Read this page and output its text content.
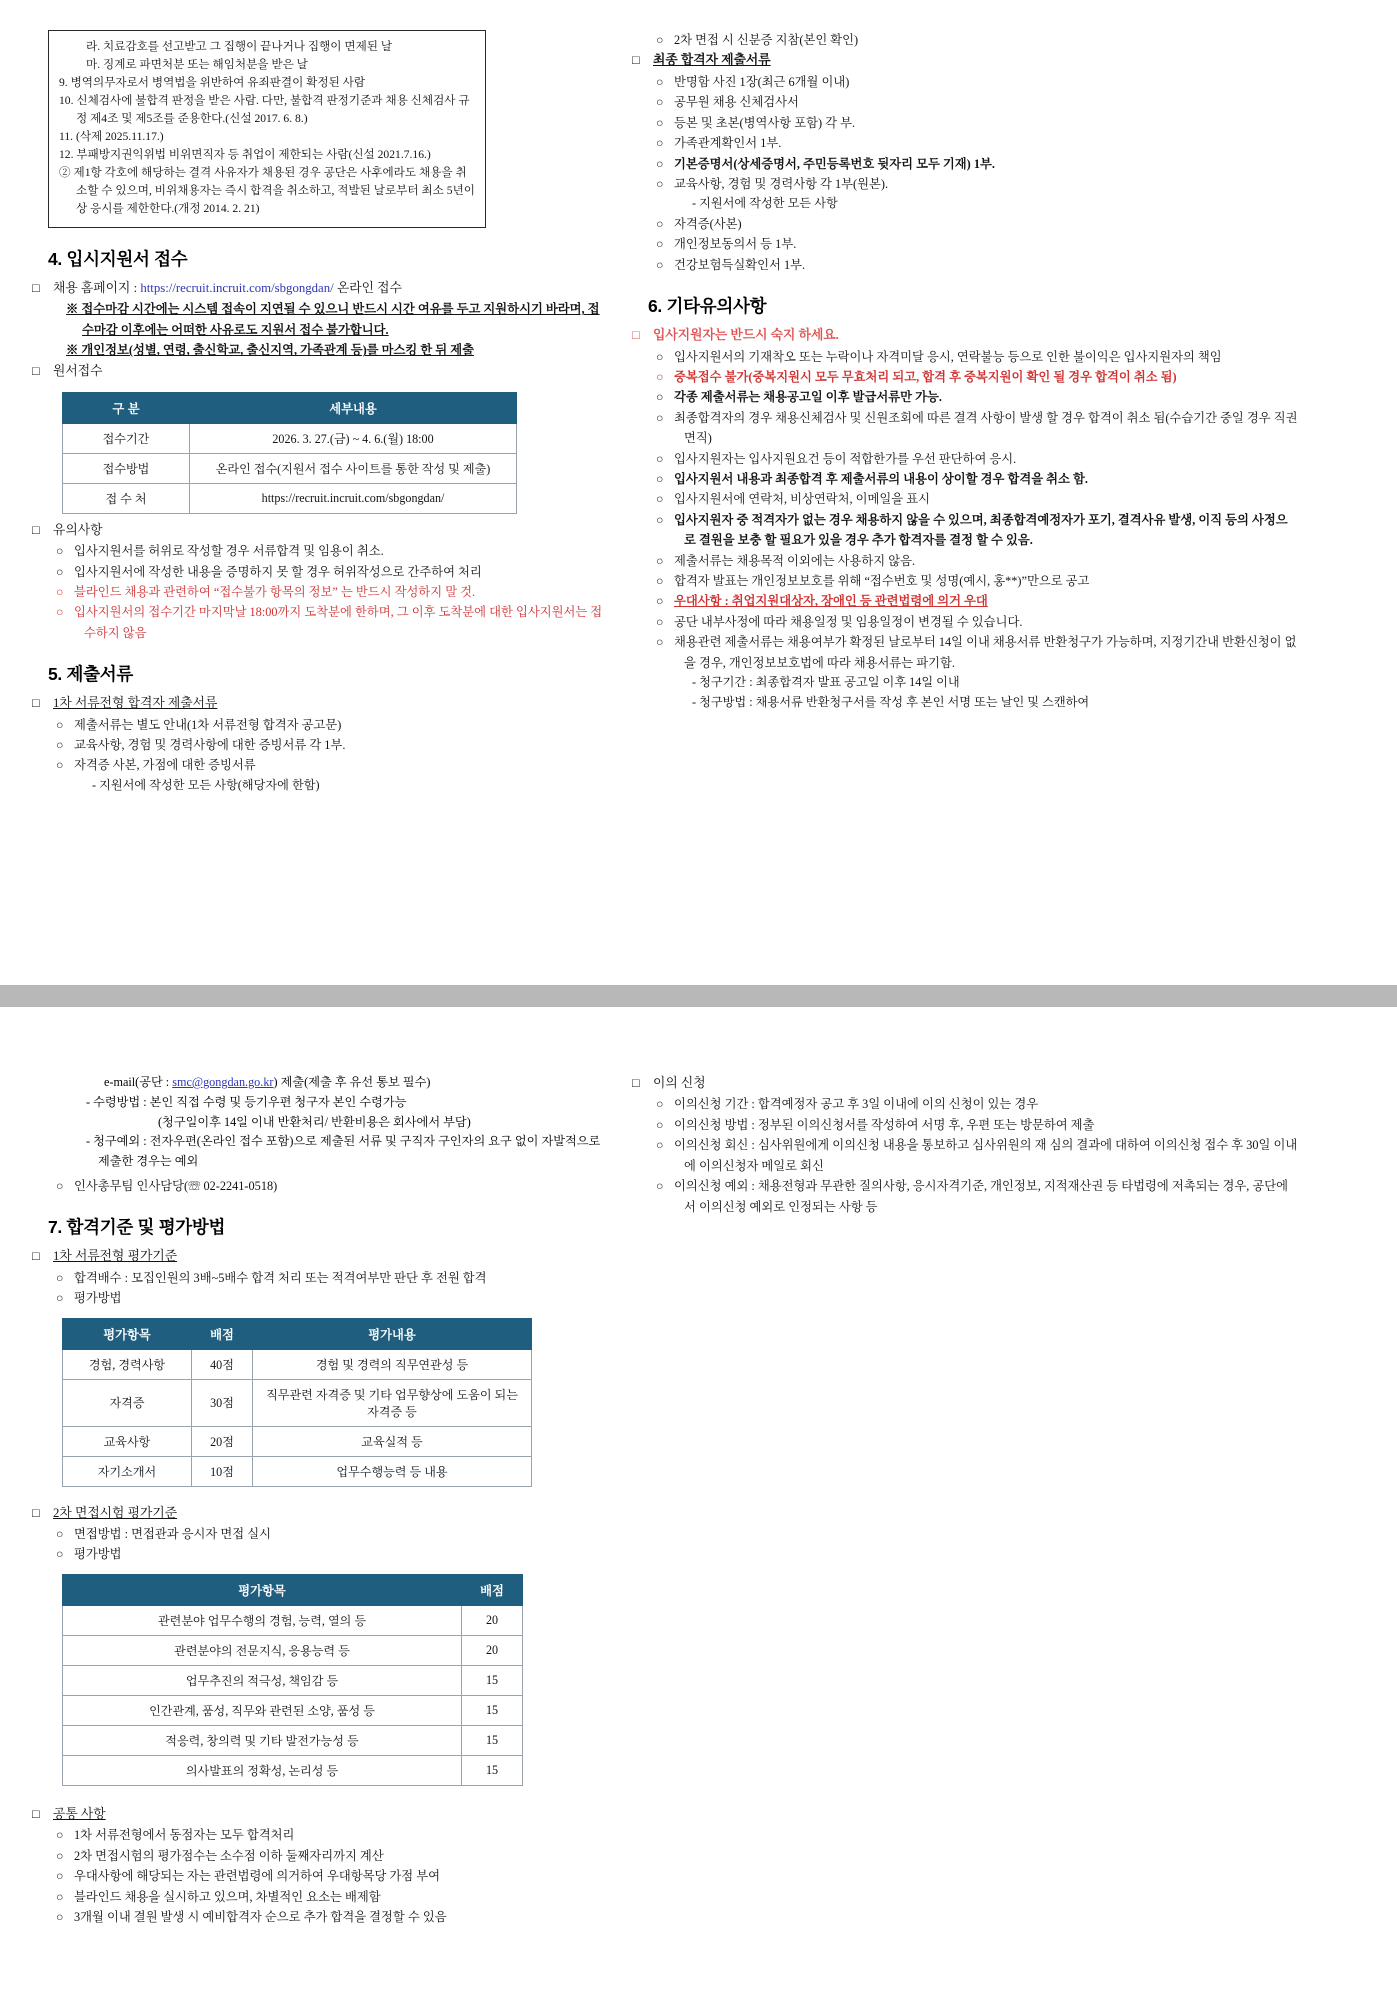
라. 치료감호를 선고받고 그 집행이 끝나거나 집행이 면제된 날
마. 징계로 파면처분 또는 해임처분을 받은 날
9. 병역의무자로서 병역법을 위반하여 유죄판결이 확정된 사람
10. 신체검사에 불합격 판정을 받은 사람. 다만, 불합격 판정기준과 채용 신체검사 규정 제4조 및 제5조를 준용한다.(신설 2017. 6. 8.)
11. (삭제 2025.11.17.)
12. 부패방지권익위법 비위면직자 등 취업이 제한되는 사람(신설 2021.7.16.)
② 제1항 각호에 해당하는 결격 사유자가 채용된 경우 공단은 사후에라도 채용을 취소할 수 있으며, 비위채용자는 즉시 합격을 취소하고, 적발된 날로부터 최소 5년이상 응시를 제한한다.(개정 2014. 2. 21)
4. 입시지원서 접수
□ 채용 홈페이지 : https://recruit.incruit.com/sbgongdan/ 온라인 접수
※ 접수마감 시간에는 시스템 접속이 지연될 수 있으니 반드시 시간 여유를 두고 지원하시기 바라며, 접수마감 이후에는 어떠한 사유로도 지원서 접수 불가합니다.
※ 개인정보(성별, 연령, 출신학교, 출신지역, 가족관계 등)를 마스킹 한 뒤 제출
□ 원서접수
구 분	세부내용
접수기간	2026. 3. 27.(금) ~ 4. 6.(월) 18:00
접수방법	온라인 접수(지원서 접수 사이트를 통한 작성 및 제출)
접 수 처	https://recruit.incruit.com/sbgongdan/
□ 유의사항
○ 입사지원서를 허위로 작성할 경우 서류합격 및 임용이 취소.
○ 입사지원서에 작성한 내용을 증명하지 못 할 경우 허위작성으로 간주하여 처리
○ 블라인드 채용과 관련하여 “접수불가 항목의 정보” 는 반드시 작성하지 말 것.
○ 입사지원서의 접수기간 마지막날 18:00까지 도착분에 한하며, 그 이후 도착분에 대한 입사지원서는 접수하지 않음
5. 제출서류
□ 1차 서류전형 합격자 제출서류
○ 제출서류는 별도 안내(1차 서류전형 합격자 공고문)
○ 교육사항, 경험 및 경력사항에 대한 증빙서류 각 1부.
○ 자격증 사본, 가점에 대한 증빙서류
- 지원서에 작성한 모든 사항(해당자에 한함)
○ 2차 면접 시 신분증 지참(본인 확인)
□ 최종 합격자 제출서류
○ 반명함 사진 1장(최근 6개월 이내)
○ 공무원 채용 신체검사서
○ 등본 및 초본(병역사항 포함) 각 부.
○ 가족관계확인서 1부.
○ 기본증명서(상세증명서, 주민등록번호 뒷자리 모두 기재) 1부.
○ 교육사항, 경험 및 경력사항 각 1부(원본).
- 지원서에 작성한 모든 사항
○ 자격증(사본)
○ 개인정보동의서 등 1부.
○ 건강보험득실확인서 1부.
6. 기타유의사항
□ 입사지원자는 반드시 숙지 하세요.
○ 입사지원서의 기재착오 또는 누락이나 자격미달 응시, 연락불능 등으로 인한 불이익은 입사지원자의 책임
○ 중복접수 불가(중복지원시 모두 무효처리 되고, 합격 후 중복지원이 확인 될 경우 합격이 취소 됨)
○ 각종 제출서류는 채용공고일 이후 발급서류만 가능.
○ 최종합격자의 경우 채용신체검사 및 신원조회에 따른 결격 사항이 발생 할 경우 합격이 취소 됨(수습기간 중일 경우 직권 면직)
○ 입사지원자는 입사지원요건 등이 적합한가를 우선 판단하여 응시.
○ 입사지원서 내용과 최종합격 후 제출서류의 내용이 상이할 경우 합격을 취소 함.
○ 입사지원서에 연락처, 비상연락처, 이메일을 표시
○ 입사지원자 중 적격자가 없는 경우 채용하지 않을 수 있으며, 최종합격예정자가 포기, 결격사유 발생, 이직 등의 사정으로 결원을 보충 할 필요가 있을 경우 추가 합격자를 결정 할 수 있음.
○ 제출서류는 채용목적 이외에는 사용하지 않음.
○ 합격자 발표는 개인정보보호를 위해 “접수번호 및 성명(예시, 홍**)”만으로 공고
○ 우대사항 : 취업지원대상자, 장애인 등 관련법령에 의거 우대
○ 공단 내부사정에 따라 채용일정 및 임용일정이 변경될 수 있습니다.
○ 채용관련 제출서류는 채용여부가 확정된 날로부터 14일 이내 채용서류 반환청구가 가능하며, 지정기간내 반환신청이 없을 경우, 개인정보보호법에 따라 채용서류는 파기함.
- 청구기간 : 최종합격자 발표 공고일 이후 14일 이내
- 청구방법 : 채용서류 반환청구서를 작성 후 본인 서명 또는 날인 및 스캔하여
e-mail(공단 : smc@gongdan.go.kr) 제출(제출 후 유선 통보 필수)
- 수령방법 : 본인 직접 수령 및 등기우편 청구자 본인 수령가능
(청구일이후 14일 이내 반환처리/ 반환비용은 회사에서 부담)
- 청구예외 : 전자우편(온라인 접수 포함)으로 제출된 서류 및 구직자 구인자의 요구 없이 자발적으로 제출한 경우는 예외
○ 인사총무팀 인사담당(☏ 02-2241-0518)
7. 합격기준 및 평가방법
□ 1차 서류전형 평가기준
○ 합격배수 : 모집인원의 3배~5배수 합격 처리 또는 적격여부만 판단 후 전원 합격
○ 평가방법
평가항목	배점	평가내용
경험, 경력사항	40점	경험 및 경력의 직무연관성 등
자격증	30점	직무관련 자격증 및 기타 업무향상에 도움이 되는 자격증 등
교육사항	20점	교육실적 등
자기소개서	10점	업무수행능력 등 내용
□ 2차 면접시험 평가기준
○ 면접방법 : 면접관과 응시자 면접 실시
○ 평가방법
평가항목	배점
관련분야 업무수행의 경험, 능력, 열의 등	20
관련분야의 전문지식, 응용능력 등	20
업무추진의 적극성, 책임감 등	15
인간관계, 품성, 직무와 관련된 소양, 품성 등	15
적응력, 창의력 및 기타 발전가능성 등	15
의사발표의 정확성, 논리성 등	15
□ 공통 사항
○ 1차 서류전형에서 동점자는 모두 합격처리
○ 2차 면접시험의 평가점수는 소수점 이하 둘째자리까지 계산
○ 우대사항에 해당되는 자는 관련법령에 의거하여 우대항목당 가점 부여
○ 블라인드 채용을 실시하고 있으며, 차별적인 요소는 배제함
○ 3개월 이내 결원 발생 시 예비합격자 순으로 추가 합격을 결정할 수 있음
□ 이의 신청
○ 이의신청 기간 : 합격예정자 공고 후 3일 이내에 이의 신청이 있는 경우
○ 이의신청 방법 : 정부된 이의신청서를 작성하여 서명 후, 우편 또는 방문하여 제출
○ 이의신청 회신 : 심사위원에게 이의신청 내용을 통보하고 심사위원의 재 심의 결과에 대하여 이의신청 접수 후 30일 이내에 이의신청자 메일로 회신
○ 이의신청 예외 : 채용전형과 무관한 질의사항, 응시자격기준, 개인정보, 지적재산권 등 타법령에 저촉되는 경우, 공단에서 이의신청 예외로 인정되는 사항 등
